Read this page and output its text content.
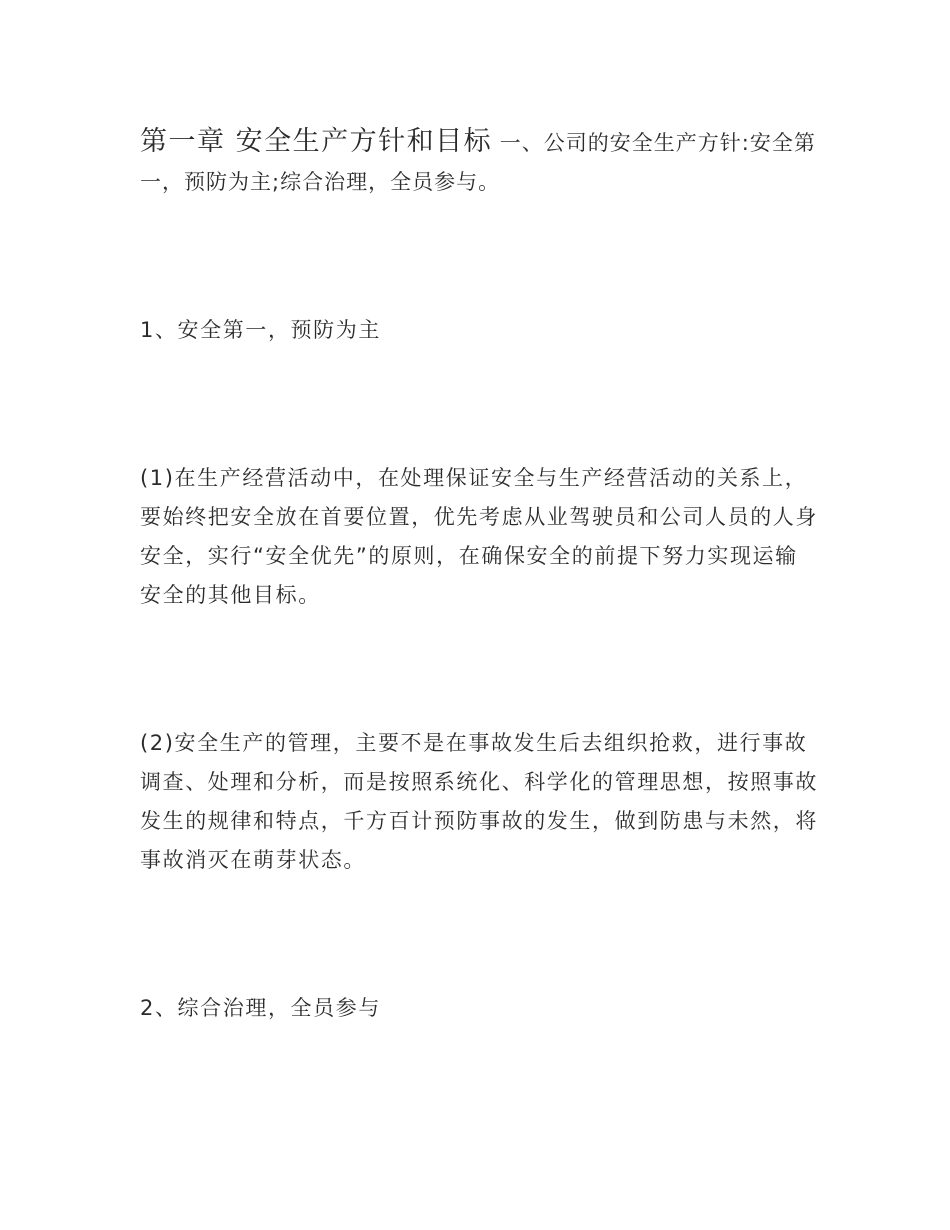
第一章 安全生产方针和目标 一、公司的安全生产方针:安全第一，预防为主;综合治理，全员参与。

1、安全第一，预防为主

(1)在生产经营活动中，在处理保证安全与生产经营活动的关系上，要始终把安全放在首要位置，优先考虑从业驾驶员和公司人员的人身安全，实行“安全优先”的原则，在确保安全的前提下努力实现运输安全的其他目标。

(2)安全生产的管理，主要不是在事故发生后去组织抢救，进行事故调查、处理和分析，而是按照系统化、科学化的管理思想，按照事故发生的规律和特点，千方百计预防事故的发生，做到防患与未然，将事故消灭在萌芽状态。

2、综合治理，全员参与
